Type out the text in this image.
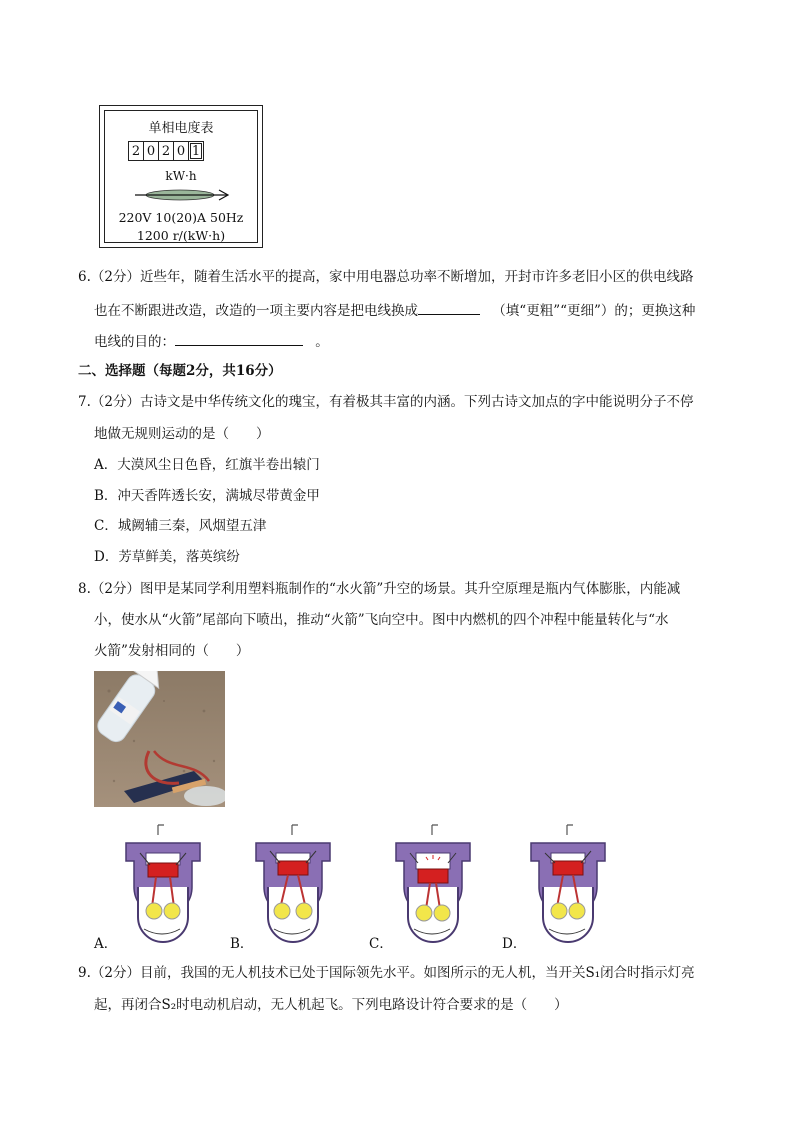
单相电度表
2 0 2 0 1
kW·h
220V 10(20)A 50Hz
1200 r/(kW·h)
6.（2分）近些年，随着生活水平的提高，家中用电器总功率不断增加，开封市许多老旧小区的供电线路
也在不断跟进改造，改造的一项主要内容是把电线换成	（填“更粗”“更细”）的；更换这种
电线的目的：	。
二、选择题（每题2分，共16分）
7.（2分）古诗文是中华传统文化的瑰宝，有着极其丰富的内涵。下列古诗文加点的字中能说明分子不停
地做无规则运动的是（　　）
A．大漠风尘日色昏，红旗半卷出辕门
B．冲天香阵透长安，满城尽带黄金甲
C．城阙辅三秦，风烟望五津
D．芳草鲜美，落英缤纷
8.（2分）图甲是某同学利用塑料瓶制作的“水火箭”升空的场景。其升空原理是瓶内气体膨胀，内能减
小，使水从“火箭”尾部向下喷出，推动“火箭”飞向空中。图中内燃机的四个冲程中能量转化与“水
火箭”发射相同的（　　）
A．	B．	C．	D．
9.（2分）目前，我国的无人机技术已处于国际领先水平。如图所示的无人机，当开关S₁闭合时指示灯亮
起，再闭合S₂时电动机启动，无人机起飞。下列电路设计符合要求的是（　　）
